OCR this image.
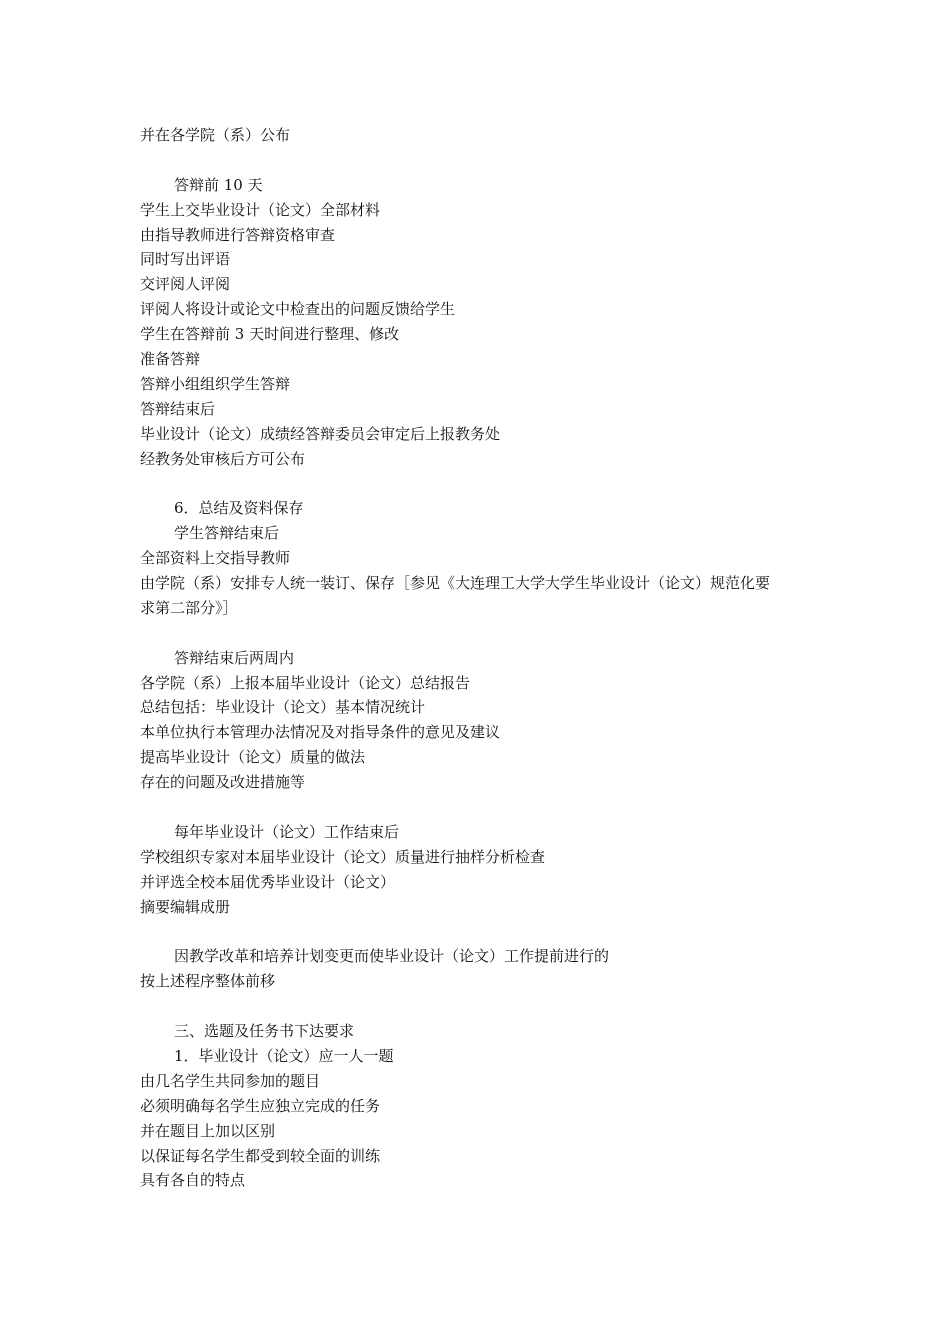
并在各学院（系）公布
答辩前 10 天
学生上交毕业设计（论文）全部材料
由指导教师进行答辩资格审查
同时写出评语
交评阅人评阅
评阅人将设计或论文中检查出的问题反馈给学生
学生在答辩前 3 天时间进行整理、修改
准备答辩
答辩小组组织学生答辩
答辩结束后
毕业设计（论文）成绩经答辩委员会审定后上报教务处
经教务处审核后方可公布
6．总结及资料保存
学生答辩结束后
全部资料上交指导教师
由学院（系）安排专人统一装订、保存［参见《大连理工大学大学生毕业设计（论文）规范化要
求第二部分》］
答辩结束后两周内
各学院（系）上报本届毕业设计（论文）总结报告
总结包括：毕业设计（论文）基本情况统计
本单位执行本管理办法情况及对指导条件的意见及建议
提高毕业设计（论文）质量的做法
存在的问题及改进措施等
每年毕业设计（论文）工作结束后
学校组织专家对本届毕业设计（论文）质量进行抽样分析检查
并评选全校本届优秀毕业设计（论文）
摘要编辑成册
因教学改革和培养计划变更而使毕业设计（论文）工作提前进行的
按上述程序整体前移
三、选题及任务书下达要求
1．毕业设计（论文）应一人一题
由几名学生共同参加的题目
必须明确每名学生应独立完成的任务
并在题目上加以区别
以保证每名学生都受到较全面的训练
具有各自的特点
